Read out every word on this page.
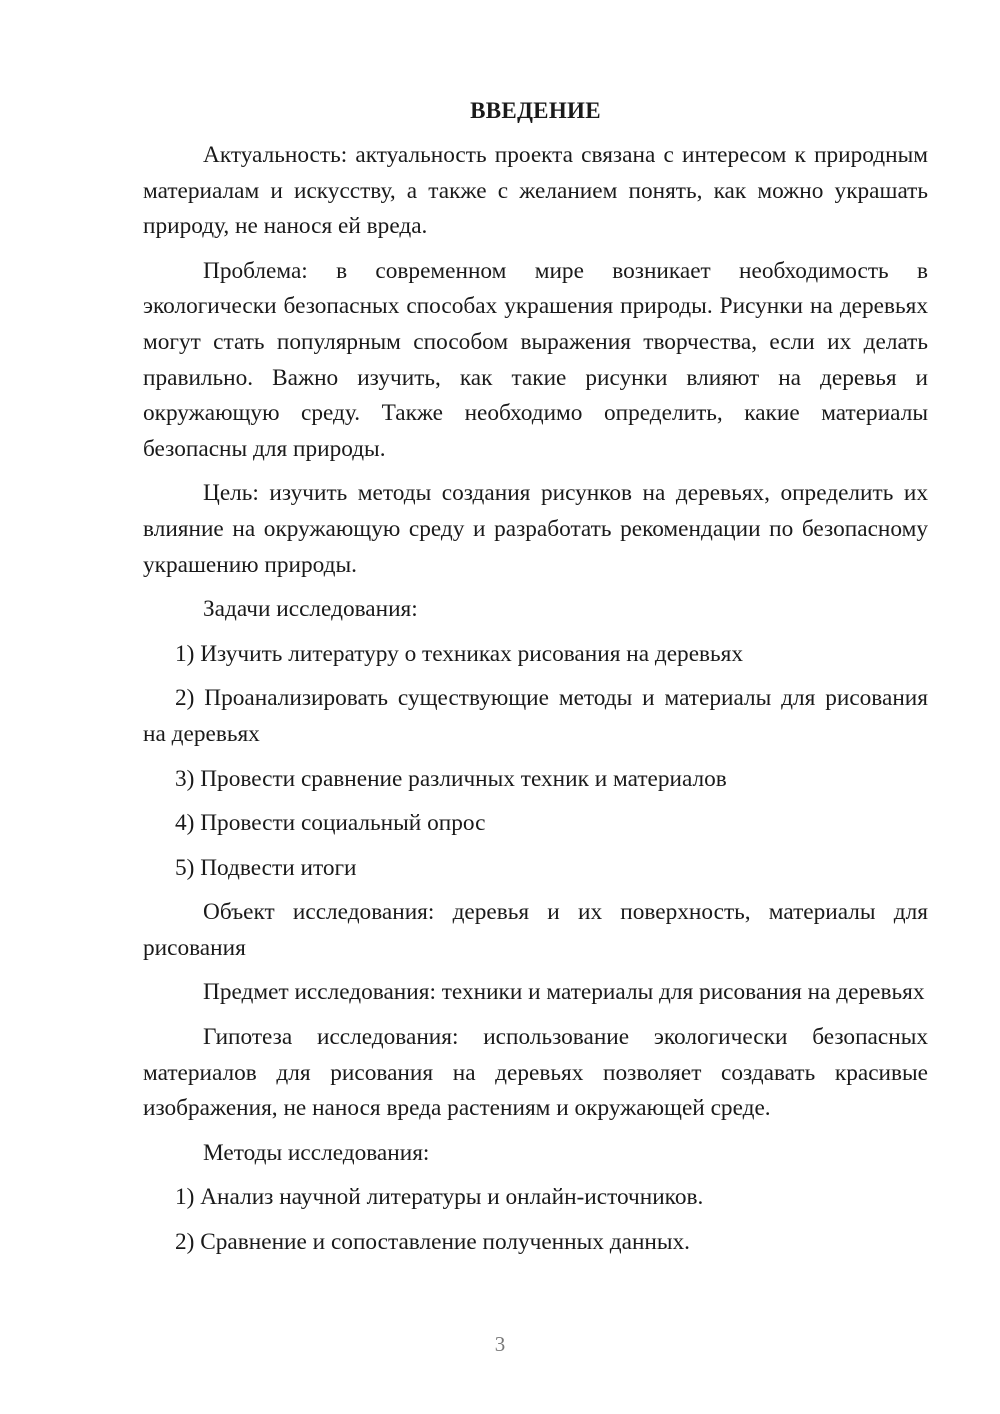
ВВЕДЕНИЕ

Актуальность: актуальность проекта связана с интересом к природным материалам и искусству, а также с желанием понять, как можно украшать природу, не нанося ей вреда.

Проблема: в современном мире возникает необходимость в экологически безопасных способах украшения природы. Рисунки на деревьях могут стать популярным способом выражения творчества, если их делать правильно. Важно изучить, как такие рисунки влияют на деревья и окружающую среду. Также необходимо определить, какие материалы безопасны для природы.

Цель: изучить методы создания рисунков на деревьях, определить их влияние на окружающую среду и разработать рекомендации по безопасному украшению природы.

Задачи исследования:

1) Изучить литературу о техниках рисования на деревьях

2) Проанализировать существующие методы и материалы для рисования на деревьях

3) Провести сравнение различных техник и материалов

4) Провести социальный опрос

5) Подвести итоги

Объект исследования: деревья и их поверхность, материалы для рисования

Предмет исследования: техники и материалы для рисования на деревьях

Гипотеза исследования: использование экологически безопасных материалов для рисования на деревьях позволяет создавать красивые изображения, не нанося вреда растениям и окружающей среде.

Методы исследования:

1) Анализ научной литературы и онлайн-источников.

2) Сравнение и сопоставление полученных данных.

3
